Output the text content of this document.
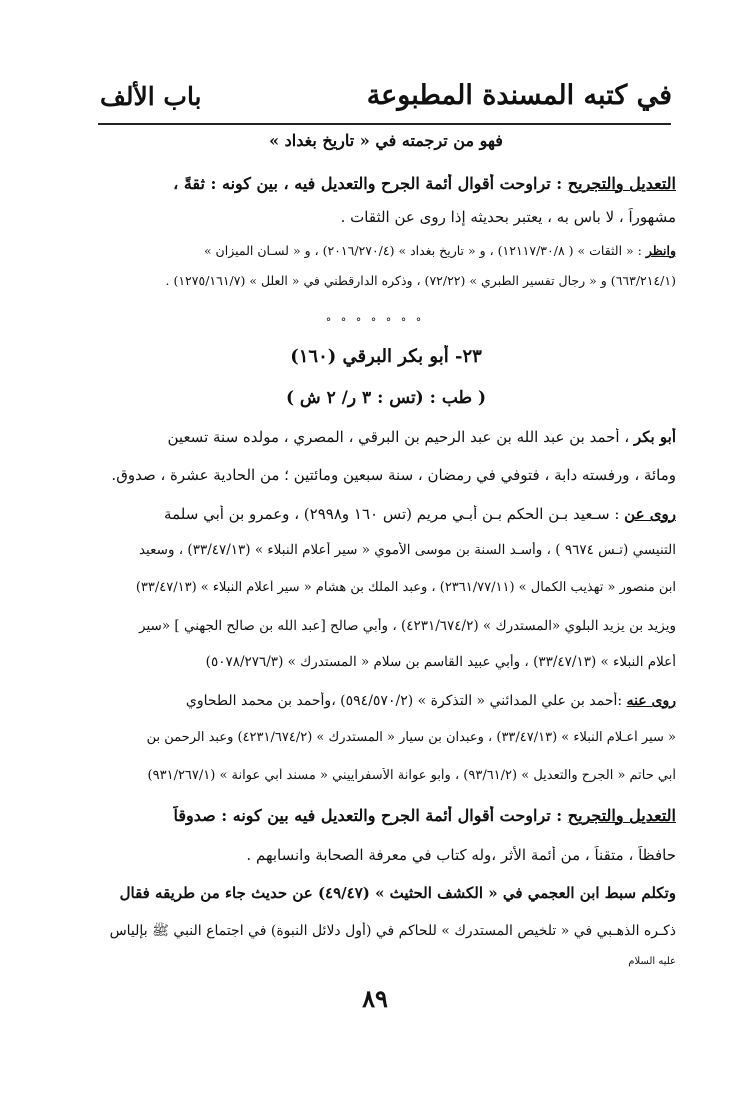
في كتبه المسندة المطبوعة
باب الألف
فهو من ترجمته في « تاريخ بغداد »
التعديل والتجريح : تراوحت أقوال أئمة الجرح والتعديل فيه ، بين كونه : ثقةً ،
مشهوراً ، لا باس به ، يعتبر بحديثه إذا روى عن الثقات .
وانظر : « الثقات » ( ١٢١١٧/٣٠/٨) ، و « تاريخ بغداد » (٢٠١٦/٢٧٠/٤) ، و « لسـان الميزان »
(٦٦٣/٢١٤/١) و « رجال تفسير الطبري » (٧٢/٢٢) ، وذكره الدارقطني في « العلل » (١٢٧٥/١٦١/٧) .
° ° ° ° ° ° °
٢٣- أبو بكر البرقي (١٦٠)
( طب : (تس : ٣ ر/ ٢ ش )
أبو بكر ، أحمد بن عبد الله بن عبد الرحيم بن البرقي ، المصري ، مولده سنة تسعين
ومائة ، ورفسته دابة ، فتوفي في رمضان ، سنة سبعين ومائتين ؛ من الحادية عشرة ، صدوق.
روى عن : سـعيد بـن الحكم بـن أبـي مريم (تس ١٦٠ و٢٩٩٨) ، وعمرو بن أبي سلمة
التنيسي (تـس ٩٦٧٤ ) ، وأسـد السنة بن موسى الأموي « سير أعلام النبلاء » (٣٣/٤٧/١٣) ، وسعيد
ابن منصور « تهذيب الكمال » (٢٣٦١/٧٧/١١) ، وعبد الملك بن هشام « سير أعلام النبلاء » (٣٣/٤٧/١٣)
ويزيد بن يزيد البلوي «المستدرك » (٤٢٣١/٦٧٤/٢) ، وأبي صالح [عبد الله بن صالح الجهني ] «سير
أعلام النبلاء » (٣٣/٤٧/١٣) ، وأبي عبيد القاسم بن سلام « المستدرك » (٥٠٧٨/٢٧٦/٣)
روى عنه :أحمد بن علي المدائني « التذكرة » (٥٩٤/٥٧٠/٢) ،وأحمد بن محمد الطحاوي
« سير أعـلام النبلاء » (٣٣/٤٧/١٣) ، وعبدان بن سيار « المستدرك » (٤٢٣١/٦٧٤/٢) وعبد الرحمن بن
أبي حاتم « الجرح والتعديل » (٩٣/٦١/٢) ، وأبو عوانة الأسفراييني « مسند أبي عوانة » (٩٣١/٢٦٧/١)
التعديل والتجريح : تراوحت أقوال أئمة الجرح والتعديل فيه بين كونه : صدوقاً
حافظاً ، متقناً ، من أئمة الأثر ،وله كتاب في معرفة الصحابة وانسابهم .
وتكلم سبط ابن العجمي في « الكشف الحثيث » (٤٩/٤٧) عن حديث جاء من طريقه فقال
ذكـره الذهـبي في « تلخيص المستدرك » للحاكم في (أول دلائل النبوة) في اجتماع النبي ﷺ بإلياس
عليه السلام
٨٩
